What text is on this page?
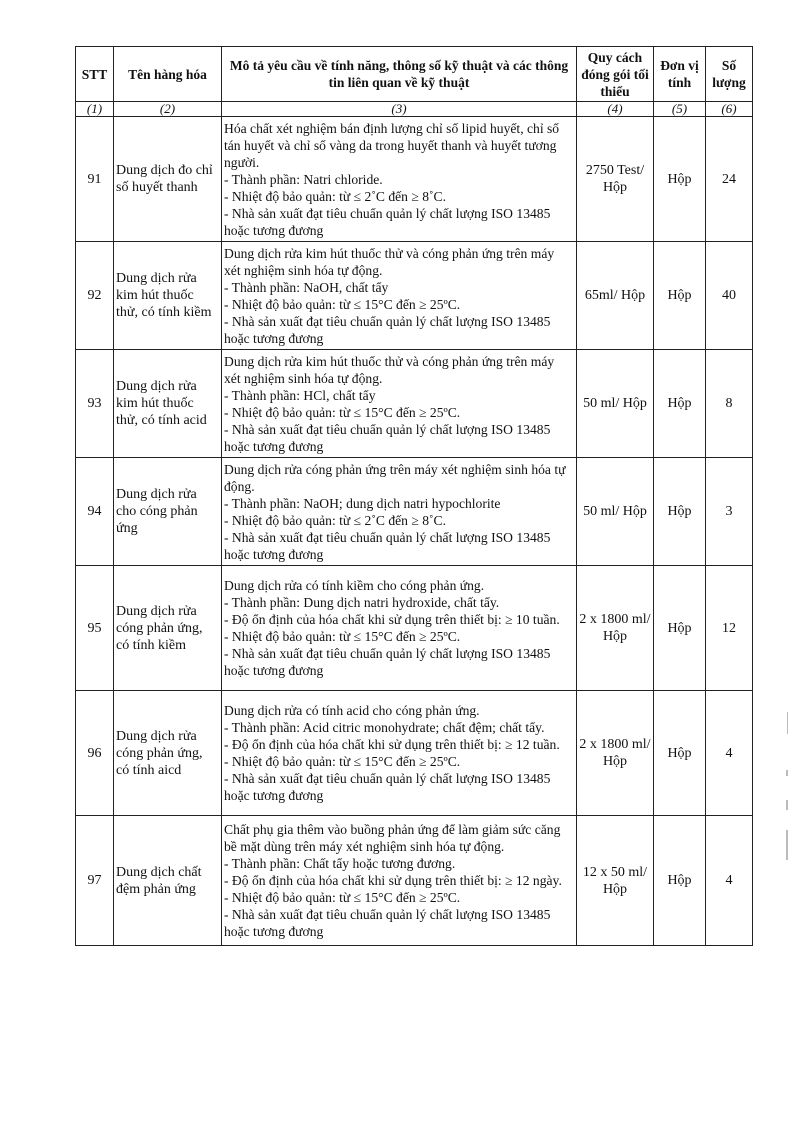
STT	Tên hàng hóa	Mô tả yêu cầu về tính năng, thông số kỹ thuật và các thông tin liên quan về kỹ thuật	Quy cách đóng gói tối thiểu	Đơn vị tính	Số lượng
(1)	(2)	(3)	(4)	(5)	(6)
91	Dung dịch đo chỉ số huyết thanh	Hóa chất xét nghiệm bán định lượng chỉ số lipid huyết, chỉ số tán huyết và chỉ số vàng da trong huyết thanh và huyết tương người.
- Thành phần: Natri chloride.
- Nhiệt độ bảo quản: từ ≤ 2˚C đến ≥ 8˚C.
- Nhà sản xuất đạt tiêu chuẩn quản lý chất lượng ISO 13485 hoặc tương đương	2750 Test/ Hộp	Hộp	24
92	Dung dịch rửa kim hút thuốc thử, có tính kiềm	Dung dịch rửa kim hút thuốc thử và cóng phản ứng trên máy xét nghiệm sinh hóa tự động.
- Thành phần: NaOH, chất tẩy
- Nhiệt độ bảo quản: từ ≤ 15°C đến ≥ 25ºC.
- Nhà sản xuất đạt tiêu chuẩn quản lý chất lượng ISO 13485 hoặc tương đương	65ml/ Hộp	Hộp	40
93	Dung dịch rửa kim hút thuốc thử, có tính acid	Dung dịch rửa kim hút thuốc thử và cóng phản ứng trên máy xét nghiệm sinh hóa tự động.
- Thành phần: HCl, chất tẩy
- Nhiệt độ bảo quản: từ ≤ 15°C đến ≥ 25ºC.
- Nhà sản xuất đạt tiêu chuẩn quản lý chất lượng ISO 13485 hoặc tương đương	50 ml/ Hộp	Hộp	8
94	Dung dịch rửa cho cóng phản ứng	Dung dịch rửa cóng phản ứng trên máy xét nghiệm sinh hóa tự động.
- Thành phần: NaOH; dung dịch natri hypochlorite
- Nhiệt độ bảo quản: từ ≤ 2˚C đến ≥ 8˚C.
- Nhà sản xuất đạt tiêu chuẩn quản lý chất lượng ISO 13485 hoặc tương đương	50 ml/ Hộp	Hộp	3
95	Dung dịch rửa cóng phản ứng, có tính kiềm	Dung dịch rửa có tính kiềm cho cóng phản ứng.
- Thành phần: Dung dịch natri hydroxide, chất tẩy.
- Độ ổn định của hóa chất khi sử dụng trên thiết bị: ≥ 10 tuần.
- Nhiệt độ bảo quản: từ ≤ 15°C đến ≥ 25ºC.
- Nhà sản xuất đạt tiêu chuẩn quản lý chất lượng ISO 13485 hoặc tương đương	2 x 1800 ml/ Hộp	Hộp	12
96	Dung dịch rửa cóng phản ứng, có tính aicd	Dung dịch rửa có tính acid cho cóng phản ứng.
- Thành phần: Acid citric monohydrate; chất đệm; chất tẩy.
- Độ ổn định của hóa chất khi sử dụng trên thiết bị: ≥ 12 tuần.
- Nhiệt độ bảo quản: từ ≤ 15°C đến ≥ 25ºC.
- Nhà sản xuất đạt tiêu chuẩn quản lý chất lượng ISO 13485 hoặc tương đương	2 x 1800 ml/ Hộp	Hộp	4
97	Dung dịch chất đệm phản ứng	Chất phụ gia thêm vào buồng phản ứng để làm giảm sức căng bề mặt dùng trên máy xét nghiệm sinh hóa tự động.
- Thành phần: Chất tẩy hoặc tương đương.
- Độ ổn định của hóa chất khi sử dụng trên thiết bị: ≥ 12 ngày.
- Nhiệt độ bảo quản: từ ≤ 15°C đến ≥ 25ºC.
- Nhà sản xuất đạt tiêu chuẩn quản lý chất lượng ISO 13485 hoặc tương đương	12 x 50 ml/ Hộp	Hộp	4
